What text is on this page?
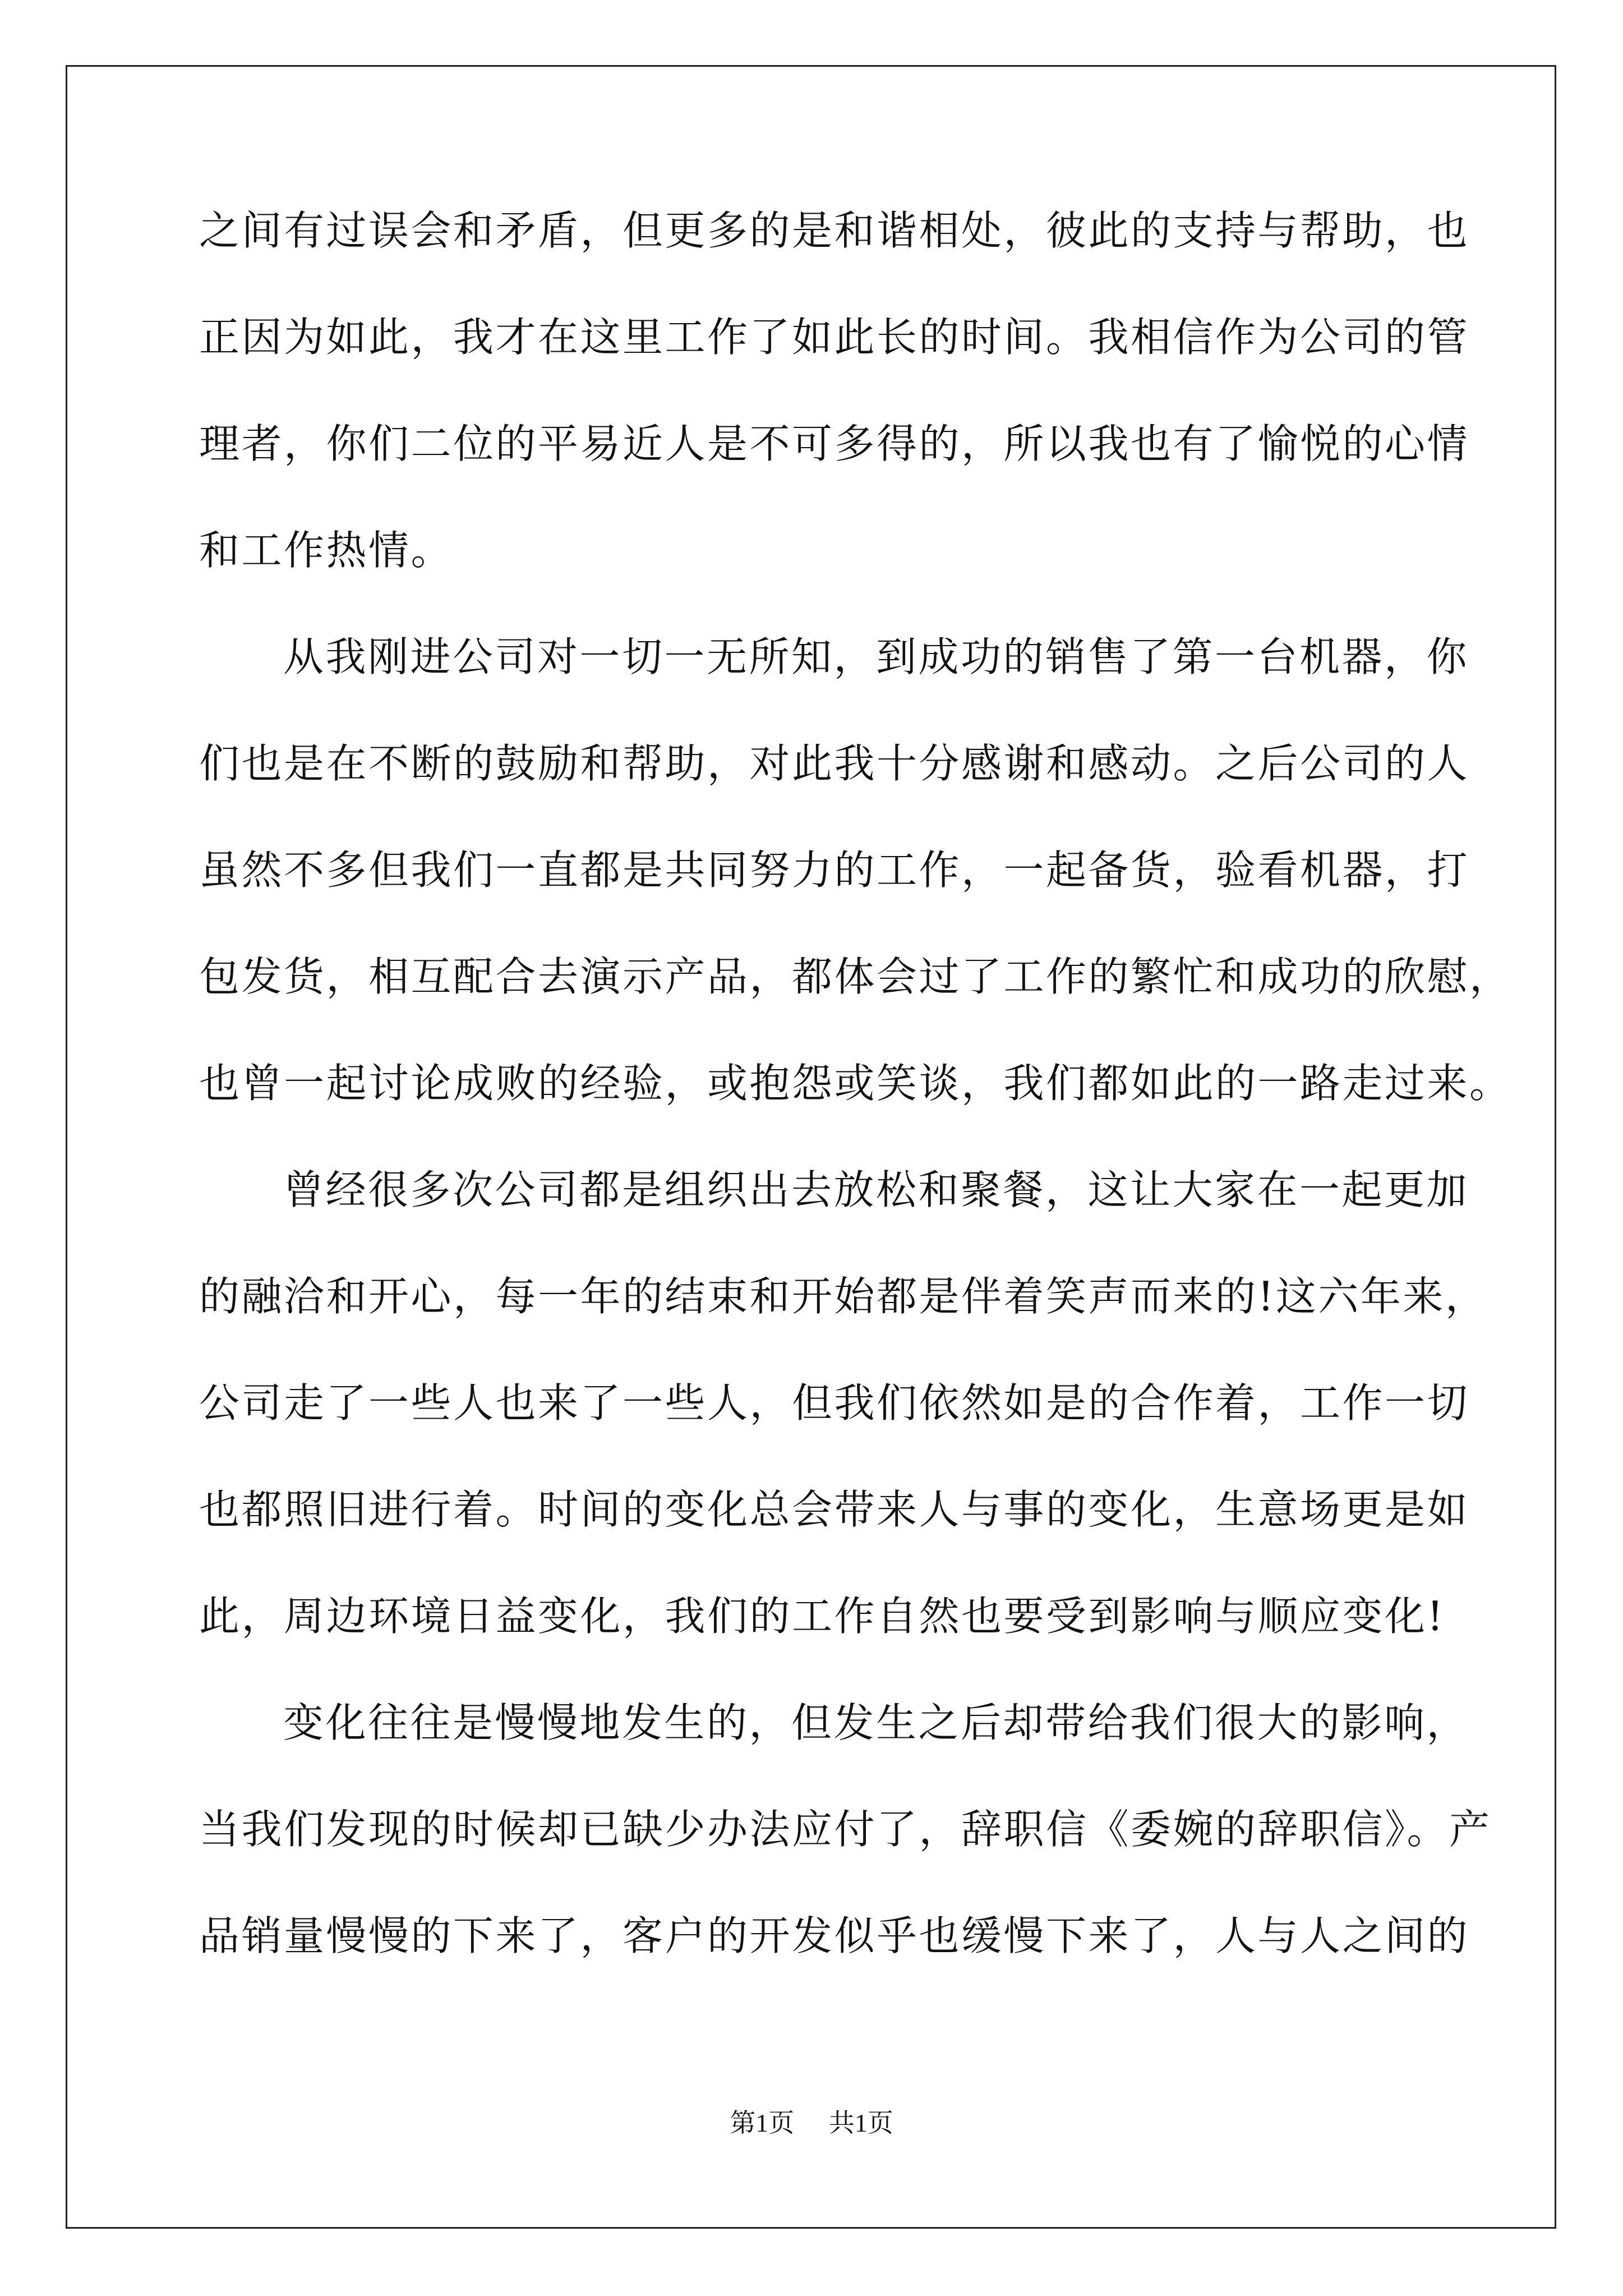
之间有过误会和矛盾，但更多的是和谐相处，彼此的支持与帮助，也
正因为如此，我才在这里工作了如此长的时间。我相信作为公司的管
理者，你们二位的平易近人是不可多得的，所以我也有了愉悦的心情
和工作热情。
从我刚进公司对一切一无所知，到成功的销售了第一台机器，你
们也是在不断的鼓励和帮助，对此我十分感谢和感动。之后公司的人
虽然不多但我们一直都是共同努力的工作，一起备货，验看机器，打
包发货，相互配合去演示产品，都体会过了工作的繁忙和成功的欣慰，
也曾一起讨论成败的经验，或抱怨或笑谈，我们都如此的一路走过来。
曾经很多次公司都是组织出去放松和聚餐，这让大家在一起更加
的融洽和开心，每一年的结束和开始都是伴着笑声而来的!这六年来，
公司走了一些人也来了一些人，但我们依然如是的合作着，工作一切
也都照旧进行着。时间的变化总会带来人与事的变化，生意场更是如
此，周边环境日益变化，我们的工作自然也要受到影响与顺应变化!
变化往往是慢慢地发生的，但发生之后却带给我们很大的影响，
当我们发现的时候却已缺少办法应付了，辞职信《委婉的辞职信》。产
品销量慢慢的下来了，客户的开发似乎也缓慢下来了，人与人之间的
第1页 共1页
